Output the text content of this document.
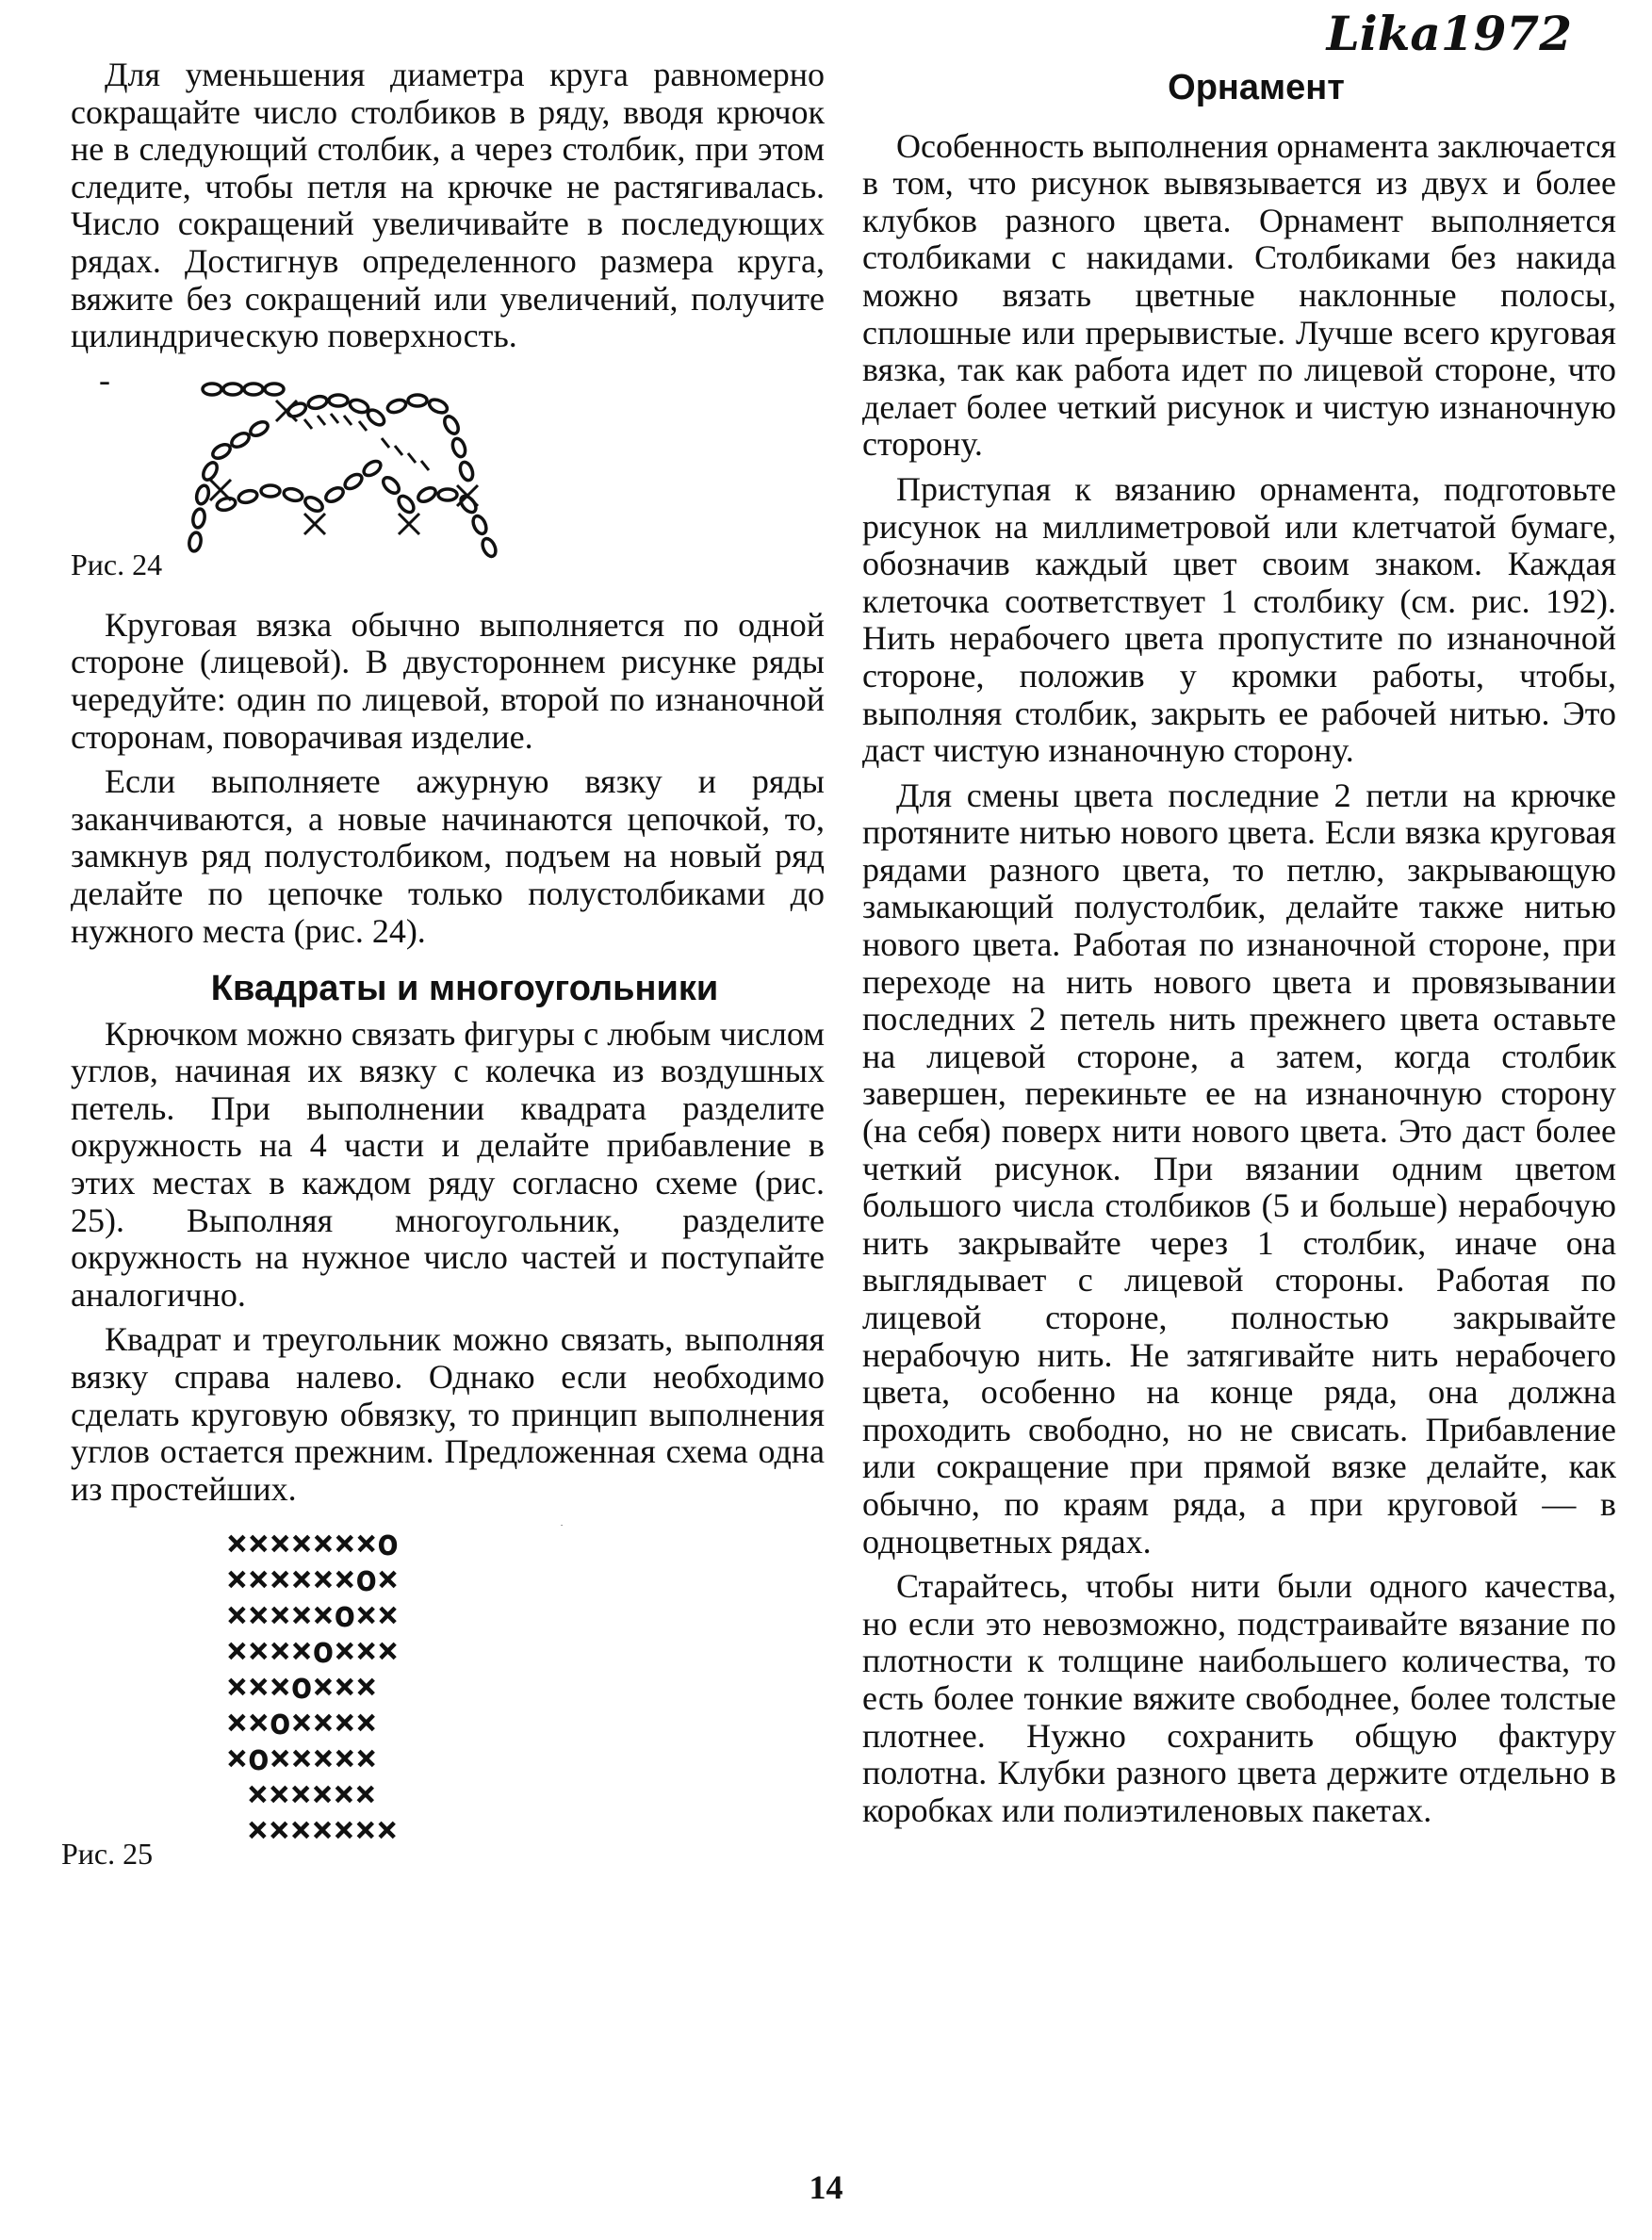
Lika1972

Для уменьшения диаметра круга равномерно сокращайте число столбиков в ряду, вводя крючок не в следующий столбик, а через столбик, при этом следите, чтобы петля на крючке не растягивалась. Число сокращений увеличивайте в последующих рядах. Достигнув определенного размера круга, вяжите без сокращений или увеличений, получите цилиндрическую поверхность.

-
Рис. 24

Круговая вязка обычно выполняется по одной стороне (лицевой). В двустороннем рисунке ряды чередуйте: один по лицевой, второй по изнаночной сторонам, поворачивая изделие.

Если выполняете ажурную вязку и ряды заканчиваются, а новые начинаются цепочкой, то, замкнув ряд полустолбиком, подъем на новый ряд делайте по цепочке только полустолбиками до нужного места (рис. 24).

Квадраты и многоугольники

Крючком можно связать фигуры с любым числом углов, начиная их вязку с колечка из воздушных петель. При выполнении квадрата разделите окружность на 4 части и делайте прибавление в этих местах в каждом ряду согласно схеме (рис. 25). Выполняя многоугольник, разделите окружность на нужное число частей и поступайте аналогично.

Квадрат и треугольник можно связать, выполняя вязку справа налево. Однако если необходимо сделать круговую обвязку, то принцип выполнения углов остается прежним. Предложенная схема одна из простейших.

×××××××о
××××××о×
×××××о××
××××о×××
×××о×××
××о××××
×о×××××
××××××
×××××××
Рис. 25

Орнамент

Особенность выполнения орнамента заключается в том, что рисунок вывязывается из двух и более клубков разного цвета. Орнамент выполняется столбиками с накидами. Столбиками без накида можно вязать цветные наклонные полосы, сплошные или прерывистые. Лучше всего круговая вязка, так как работа идет по лицевой стороне, что делает более четкий рисунок и чистую изнаночную сторону.

Приступая к вязанию орнамента, подготовьте рисунок на миллиметровой или клетчатой бумаге, обозначив каждый цвет своим знаком. Каждая клеточка соответствует 1 столбику (см. рис. 192). Нить нерабочего цвета пропустите по изнаночной стороне, положив у кромки работы, чтобы, выполняя столбик, закрыть ее рабочей нитью. Это даст чистую изнаночную сторону.

Для смены цвета последние 2 петли на крючке протяните нитью нового цвета. Если вязка круговая рядами разного цвета, то петлю, закрывающую замыкающий полустолбик, делайте также нитью нового цвета. Работая по изнаночной стороне, при переходе на нить нового цвета и провязывании последних 2 петель нить прежнего цвета оставьте на лицевой стороне, а затем, когда столбик завершен, перекиньте ее на изнаночную сторону (на себя) поверх нити нового цвета. Это даст более четкий рисунок. При вязании одним цветом большого числа столбиков (5 и больше) нерабочую нить закрывайте через 1 столбик, иначе она выглядывает с лицевой стороны. Работая по лицевой стороне, полностью закрывайте нерабочую нить. Не затягивайте нить нерабочего цвета, особенно на конце ряда, она должна проходить свободно, но не свисать. Прибавление или сокращение при прямой вязке делайте, как обычно, по краям ряда, а при круговой — в одноцветных рядах.

Старайтесь, чтобы нити были одного качества, но если это невозможно, подстраивайте вязание по плотности к толщине наибольшего количества, то есть более тонкие вяжите свободнее, более толстые плотнее. Нужно сохранить общую фактуру полотна. Клубки разного цвета держите отдельно в коробках или полиэтиленовых пакетах.

14
